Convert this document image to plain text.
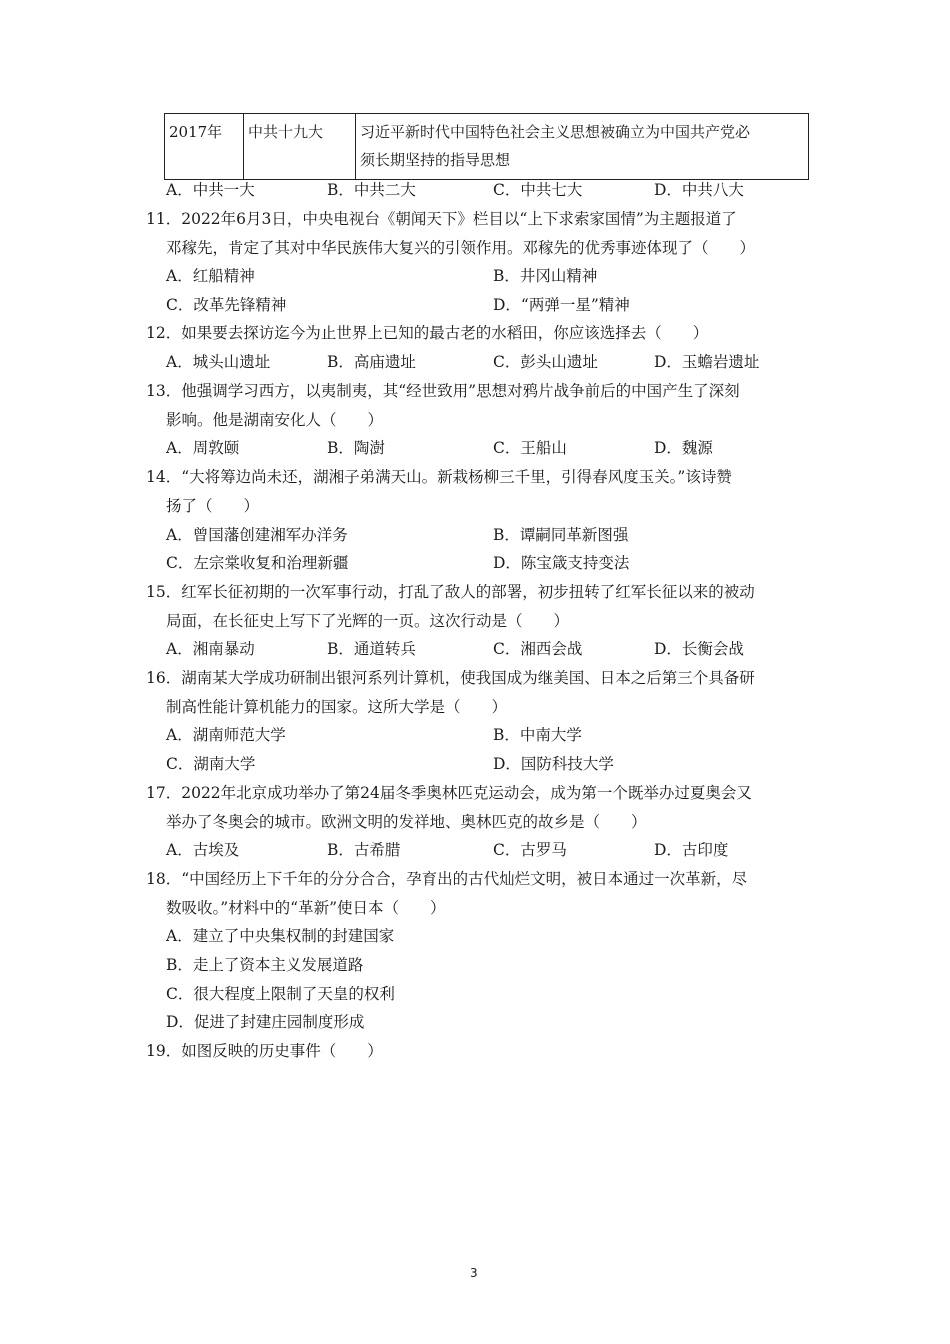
2017年	中共十九大	习近平新时代中国特色社会主义思想被确立为中国共产党必
须长期坚持的指导思想
A．中共一大	B．中共二大	C．中共七大	D．中共八大
11．2022年6月3日，中央电视台《朝闻天下》栏目以“上下求索家国情”为主题报道了
邓稼先，肯定了其对中华民族伟大复兴的引领作用。邓稼先的优秀事迹体现了（　　）
A．红船精神	B．井冈山精神
C．改革先锋精神	D．“两弹一星”精神
12．如果要去探访迄今为止世界上已知的最古老的水稻田，你应该选择去（　　）
A．城头山遗址	B．高庙遗址	C．彭头山遗址	D．玉蟾岩遗址
13．他强调学习西方，以夷制夷，其“经世致用”思想对鸦片战争前后的中国产生了深刻
影响。他是湖南安化人（　　）
A．周敦颐	B．陶澍	C．王船山	D．魏源
14．“大将筹边尚未还，湖湘子弟满天山。新栽杨柳三千里，引得春风度玉关。”该诗赞
扬了（　　）
A．曾国藩创建湘军办洋务	B．谭嗣同革新图强
C．左宗棠收复和治理新疆	D．陈宝箴支持变法
15．红军长征初期的一次军事行动，打乱了敌人的部署，初步扭转了红军长征以来的被动
局面，在长征史上写下了光辉的一页。这次行动是（　　）
A．湘南暴动	B．通道转兵	C．湘西会战	D．长衡会战
16．湖南某大学成功研制出银河系列计算机，使我国成为继美国、日本之后第三个具备研
制高性能计算机能力的国家。这所大学是（　　）
A．湖南师范大学	B．中南大学
C．湖南大学	D．国防科技大学
17．2022年北京成功举办了第24届冬季奥林匹克运动会，成为第一个既举办过夏奥会又
举办了冬奥会的城市。欧洲文明的发祥地、奥林匹克的故乡是（　　）
A．古埃及	B．古希腊	C．古罗马	D．古印度
18．“中国经历上下千年的分分合合，孕育出的古代灿烂文明，被日本通过一次革新，尽
数吸收。”材料中的“革新”使日本（　　）
A．建立了中央集权制的封建国家
B．走上了资本主义发展道路
C．很大程度上限制了天皇的权利
D．促进了封建庄园制度形成
19．如图反映的历史事件（　　）
3
